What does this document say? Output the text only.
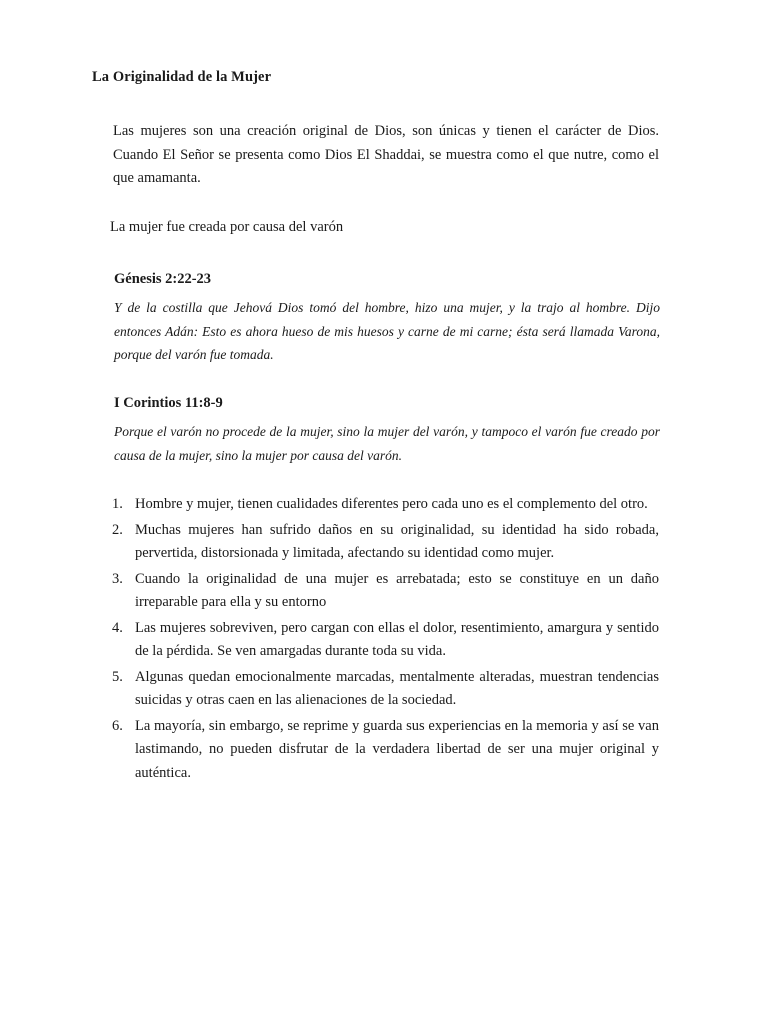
La Originalidad de la Mujer
Las mujeres son una creación original de Dios, son únicas y tienen el carácter de Dios. Cuando El Señor se presenta como Dios El Shaddai, se muestra como el que nutre, como el que amamanta.
La mujer fue creada por causa del varón
Génesis 2:22-23
Y de la costilla que Jehová Dios tomó del hombre, hizo una mujer, y la trajo al hombre. Dijo entonces Adán: Esto es ahora hueso de mis huesos y carne de mi carne; ésta será llamada Varona, porque del varón fue tomada.
I Corintios 11:8-9
Porque el varón no procede de la mujer, sino la mujer del varón, y tampoco el varón fue creado por causa de la mujer, sino la mujer por causa del varón.
1. Hombre y mujer, tienen cualidades diferentes pero cada uno es el complemento del otro.
2. Muchas mujeres han sufrido daños en su originalidad, su identidad ha sido robada, pervertida, distorsionada y limitada, afectando su identidad como mujer.
3. Cuando la originalidad de una mujer es arrebatada; esto se constituye en un daño irreparable para ella y su entorno
4. Las mujeres sobreviven, pero cargan con ellas el dolor, resentimiento, amargura y sentido de la pérdida. Se ven amargadas durante toda su vida.
5. Algunas quedan emocionalmente marcadas, mentalmente alteradas, muestran tendencias suicidas y otras caen en las alienaciones de la sociedad.
6. La mayoría, sin embargo, se reprime y guarda sus experiencias en la memoria y así se van lastimando, no pueden disfrutar de la verdadera libertad de ser una mujer original y auténtica.
